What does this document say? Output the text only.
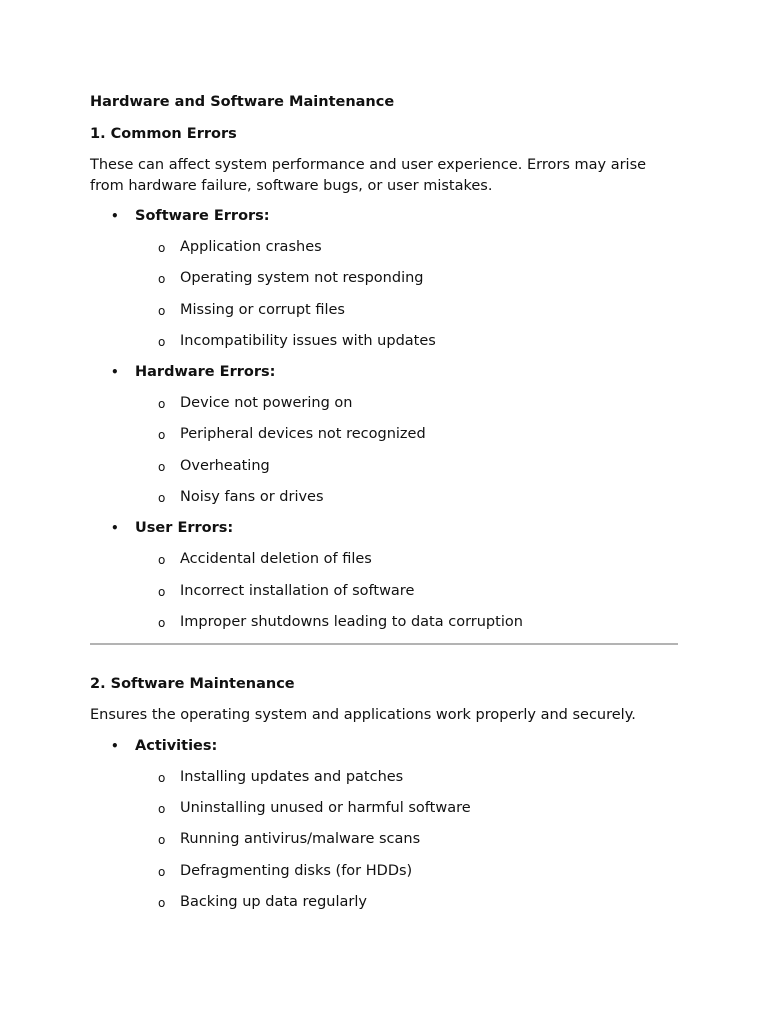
Hardware and Software Maintenance
1. Common Errors
These can affect system performance and user experience. Errors may arise from hardware failure, software bugs, or user mistakes.
• Software Errors:
o Application crashes
o Operating system not responding
o Missing or corrupt files
o Incompatibility issues with updates
• Hardware Errors:
o Device not powering on
o Peripheral devices not recognized
o Overheating
o Noisy fans or drives
• User Errors:
o Accidental deletion of files
o Incorrect installation of software
o Improper shutdowns leading to data corruption
2. Software Maintenance
Ensures the operating system and applications work properly and securely.
• Activities:
o Installing updates and patches
o Uninstalling unused or harmful software
o Running antivirus/malware scans
o Defragmenting disks (for HDDs)
o Backing up data regularly
